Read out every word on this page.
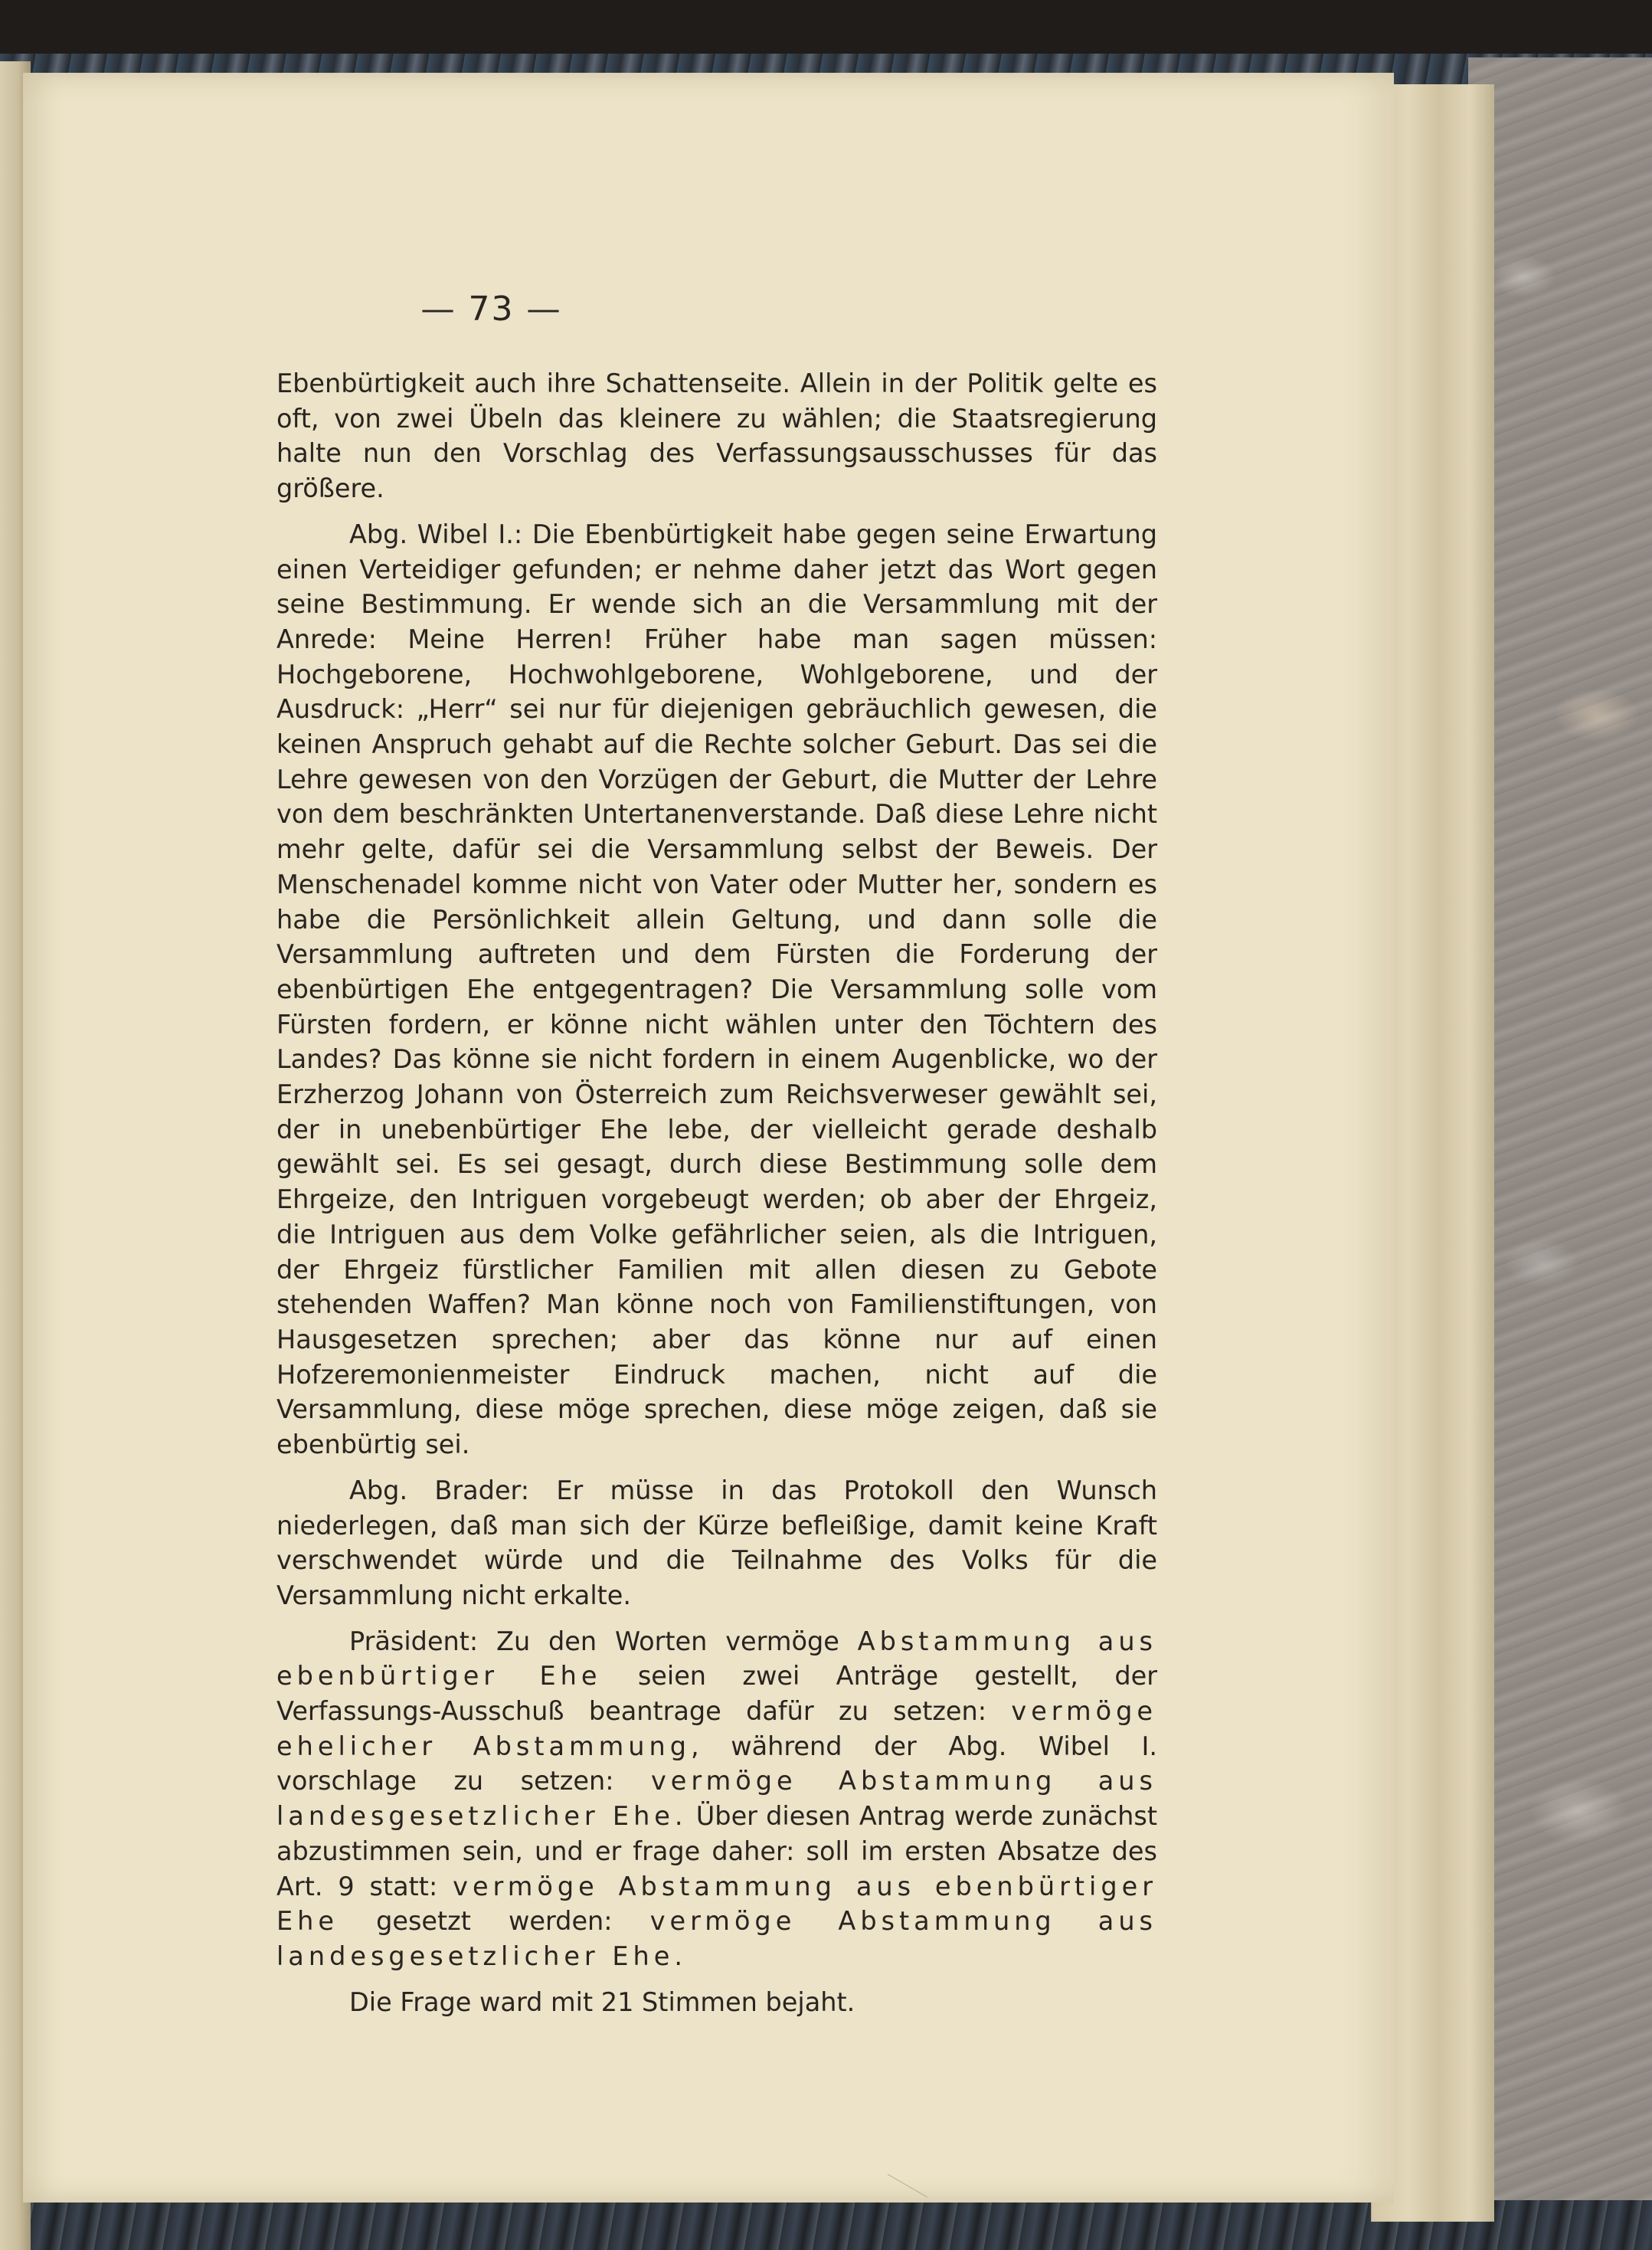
— 73 —

Ebenbürtigkeit auch ihre Schattenseite. Allein in der Politik gelte es oft, von zwei Übeln das kleinere zu wählen; die Staatsregierung halte nun den Vorschlag des Verfassungsausschusses für das größere.

Abg. Wibel I.: Die Ebenbürtigkeit habe gegen seine Erwartung einen Verteidiger gefunden; er nehme daher jetzt das Wort gegen seine Bestimmung. Er wende sich an die Versammlung mit der Anrede: Meine Herren! Früher habe man sagen müssen: Hochgeborene, Hochwohlgeborene, Wohlgeborene, und der Ausdruck: „Herr“ sei nur für diejenigen gebräuchlich gewesen, die keinen Anspruch gehabt auf die Rechte solcher Geburt. Das sei die Lehre gewesen von den Vorzügen der Geburt, die Mutter der Lehre von dem beschränkten Untertanenverstande. Daß diese Lehre nicht mehr gelte, dafür sei die Versammlung selbst der Beweis. Der Menschenadel komme nicht von Vater oder Mutter her, sondern es habe die Persönlichkeit allein Geltung, und dann solle die Versammlung auftreten und dem Fürsten die Forderung der ebenbürtigen Ehe entgegentragen? Die Versammlung solle vom Fürsten fordern, er könne nicht wählen unter den Töchtern des Landes? Das könne sie nicht fordern in einem Augenblicke, wo der Erzherzog Johann von Österreich zum Reichsverweser gewählt sei, der in unebenbürtiger Ehe lebe, der vielleicht gerade deshalb gewählt sei. Es sei gesagt, durch diese Bestimmung solle dem Ehrgeize, den Intriguen vorgebeugt werden; ob aber der Ehrgeiz, die Intriguen aus dem Volke gefährlicher seien, als die Intriguen, der Ehrgeiz fürstlicher Familien mit allen diesen zu Gebote stehenden Waffen? Man könne noch von Familienstiftungen, von Hausgesetzen sprechen; aber das könne nur auf einen Hofzeremonienmeister Eindruck machen, nicht auf die Versammlung, diese möge sprechen, diese möge zeigen, daß sie ebenbürtig sei.

Abg. Brader: Er müsse in das Protokoll den Wunsch niederlegen, daß man sich der Kürze befleißige, damit keine Kraft verschwendet würde und die Teilnahme des Volks für die Versammlung nicht erkalte.

Präsident: Zu den Worten vermöge Abstammung aus ebenbürtiger Ehe seien zwei Anträge gestellt, der Verfassungs-Ausschuß beantrage dafür zu setzen: vermöge ehelicher Abstammung, während der Abg. Wibel I. vorschlage zu setzen: vermöge Abstammung aus landesgesetzlicher Ehe. Über diesen Antrag werde zunächst abzustimmen sein, und er frage daher: soll im ersten Absatze des Art. 9 statt: vermöge Abstammung aus ebenbürtiger Ehe gesetzt werden: vermöge Abstammung aus landesgesetzlicher Ehe.

Die Frage ward mit 21 Stimmen bejaht.
